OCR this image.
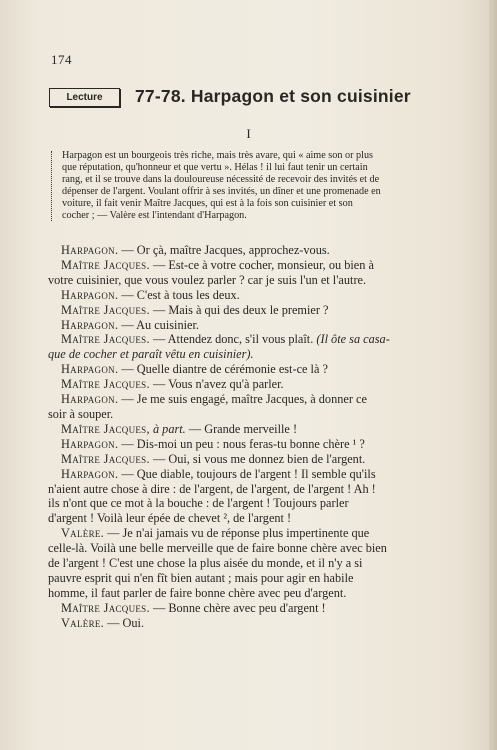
174
Lecture	77-78. Harpagon et son cuisinier
I
Harpagon est un bourgeois très riche, mais très avare, qui « aime son or plus
que réputation, qu'honneur et que vertu ». Hélas ! il lui faut tenir un certain
rang, et il se trouve dans la douloureuse nécessité de recevoir des invités et de
dépenser de l'argent. Voulant offrir à ses invités, un dîner et une promenade en
voiture, il fait venir Maître Jacques, qui est à la fois son cuisinier et son
cocher ; — Valère est l'intendant d'Harpagon.
Harpagon. — Or çà, maître Jacques, approchez-vous.
Maître Jacques. — Est-ce à votre cocher, monsieur, ou bien à
votre cuisinier, que vous voulez parler ? car je suis l'un et l'autre.
Harpagon. — C'est à tous les deux.
Maître Jacques. — Mais à qui des deux le premier ?
Harpagon. — Au cuisinier.
Maître Jacques. — Attendez donc, s'il vous plaît. (Il ôte sa casa-
que de cocher et paraît vêtu en cuisinier).
Harpagon. — Quelle diantre de cérémonie est-ce là ?
Maître Jacques. — Vous n'avez qu'à parler.
Harpagon. — Je me suis engagé, maître Jacques, à donner ce
soir à souper.
Maître Jacques, à part. — Grande merveille !
Harpagon. — Dis-moi un peu : nous feras-tu bonne chère ¹ ?
Maître Jacques. — Oui, si vous me donnez bien de l'argent.
Harpagon. — Que diable, toujours de l'argent ! Il semble qu'ils
n'aient autre chose à dire : de l'argent, de l'argent, de l'argent ! Ah !
ils n'ont que ce mot à la bouche : de l'argent ! Toujours parler
d'argent ! Voilà leur épée de chevet ², de l'argent !
Valère. — Je n'ai jamais vu de réponse plus impertinente que
celle-là. Voilà une belle merveille que de faire bonne chère avec bien
de l'argent ! C'est une chose la plus aisée du monde, et il n'y a si
pauvre esprit qui n'en fît bien autant ; mais pour agir en habile
homme, il faut parler de faire bonne chère avec peu d'argent.
Maître Jacques. — Bonne chère avec peu d'argent !
Valère. — Oui.
